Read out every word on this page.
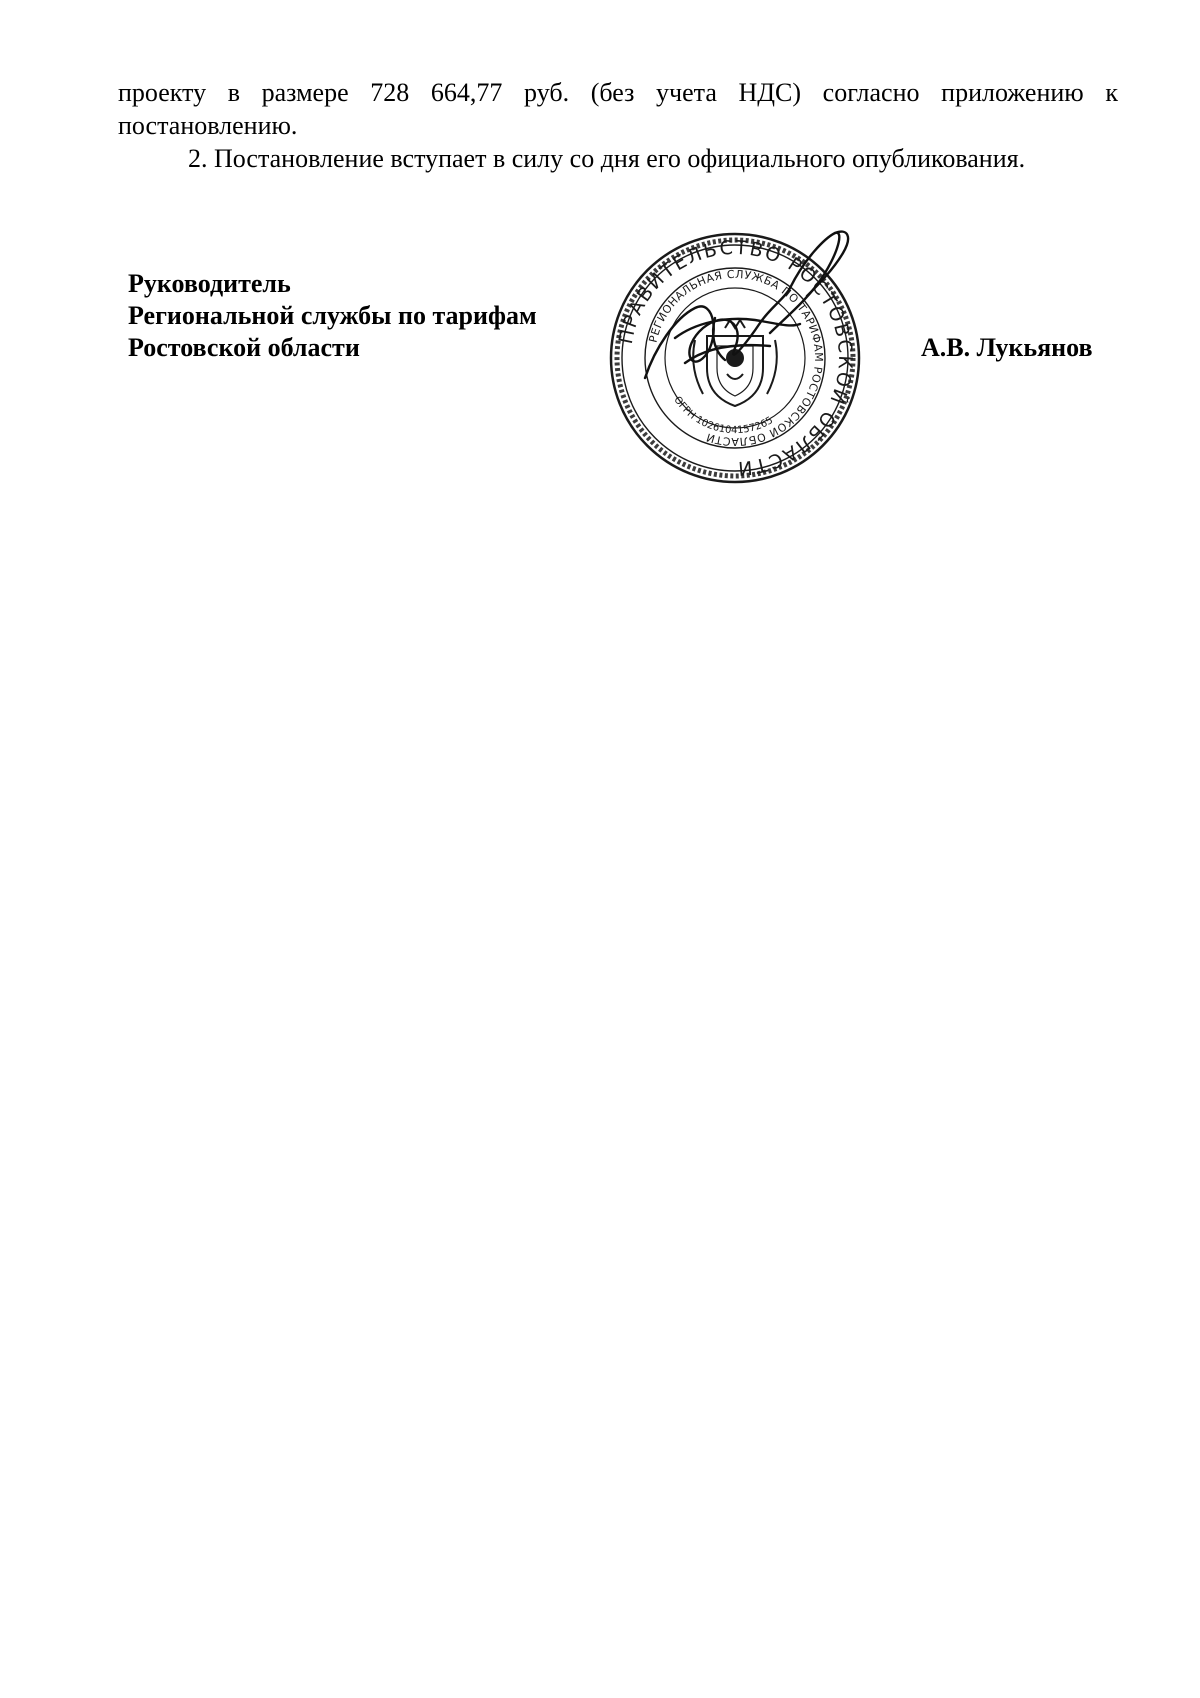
проекту в размере 728 664,77 руб. (без учета НДС) согласно приложению к
постановлению.

2. Постановление вступает в силу со дня его официального опубликования.

Руководитель
Региональной службы по тарифам
Ростовской области	А.В. Лукьянов
ПРАВИТЕЛЬСТВО РОСТОВСКОЙ ОБЛАСТИ
РЕГИОНАЛЬНАЯ СЛУЖБА ПО ТАРИФАМ РОСТОВСКОЙ ОБЛАСТИ
ОГРН 1026104157265
